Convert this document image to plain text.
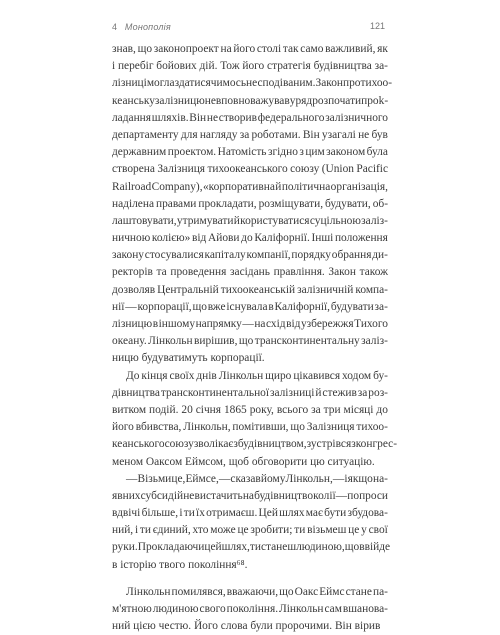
4 Монополія	121
знав, що законопроект на його столі так само важливий, як
і перебіг бойових дій. Тож його стратегія будівництва за-
лізниці могла здатися чимось несподіваним. Закон про тихоо-
кеанську залізницю не вповноважував уряд розпочати проk-
ладання шляхів. Він не створив федерального залізничного
департаменту для нагляду за роботами. Він узагалі не був
державним проектом. Натомість згідно з цим законом була
створена Залізниця тихоокеанського союзу (Union Pacific
Railroad Company), «корпоративна й політична організація,
наділена правами прокладати, розміщувати, будувати, об-
лаштовувати, утримувати й користуватися суцільною заліз-
ничною колією» від Айови до Каліфорнії. Інші положення
закону стосувалися капіталу компанії, порядку обрання ди-
ректорів та проведення засідань правління. Закон також
дозволяв Центральній тихоокеанській залізничній компа-
нії — корпорації, що вже існувала в Каліфорнії, будувати за-
лізницю в іншому напрямку — на схід від узбережжя Тихого
океану. Лінкольн вирішив, що трансконтинентальну заліз-
ницю будуватимуть корпорації.
До кінця своїх днів Лінкольн щиро цікавився ходом бу-
дівництва трансконтинентальної залізниці й стежив за роз-
витком подій. 20 січня 1865 року, всього за три місяці до
його вбивства, Лінкольн, помітивши, що Залізниця тихоо-
кеанського союзу зволікає з будівництвом, зустрівся з конгрес-
меном Оаксом Еймсом, щоб обговорити цю ситуацію.
— Візьми це, Еймсе, — сказав йому Лінкольн, — і якщо на-
явних субсидій не вистачить на будівництво колії — попроси
вдвічі більше, і ти їх отримаєш. Цей шлях має бути збудова-
ний, і ти єдиний, хто може це зробити; ти візьмеш це у свої
руки. Прокладаючи цей шлях, ти станеш людиною, що ввійде
в історію твого покоління⁶⁸.
Лінкольн помилявся, вважаючи, що Оакс Еймс стане па-
м'ятною людиною свого покоління. Лінкольн сам вшанова-
ний цією честю. Його слова були пророчими. Він вірив
